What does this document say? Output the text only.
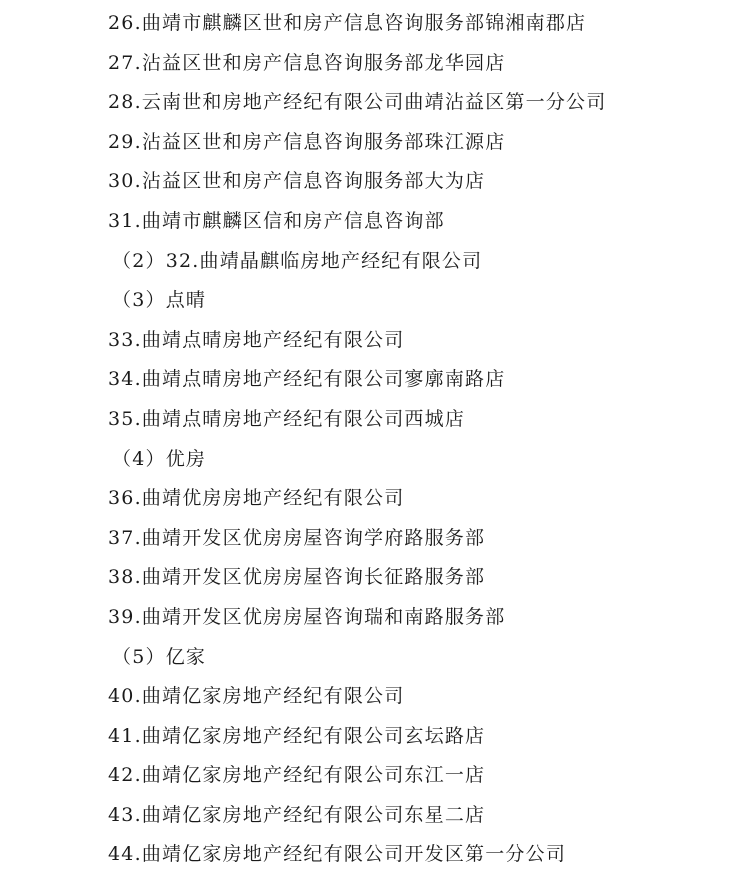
26.曲靖市麒麟区世和房产信息咨询服务部锦湘南郡店
27.沾益区世和房产信息咨询服务部龙华园店
28.云南世和房地产经纪有限公司曲靖沾益区第一分公司
29.沾益区世和房产信息咨询服务部珠江源店
30.沾益区世和房产信息咨询服务部大为店
31.曲靖市麒麟区信和房产信息咨询部
（2）32.曲靖晶麒临房地产经纪有限公司
（3）点晴
33.曲靖点晴房地产经纪有限公司
34.曲靖点晴房地产经纪有限公司寥廓南路店
35.曲靖点晴房地产经纪有限公司西城店
（4）优房
36.曲靖优房房地产经纪有限公司
37.曲靖开发区优房房屋咨询学府路服务部
38.曲靖开发区优房房屋咨询长征路服务部
39.曲靖开发区优房房屋咨询瑞和南路服务部
（5）亿家
40.曲靖亿家房地产经纪有限公司
41.曲靖亿家房地产经纪有限公司玄坛路店
42.曲靖亿家房地产经纪有限公司东江一店
43.曲靖亿家房地产经纪有限公司东星二店
44.曲靖亿家房地产经纪有限公司开发区第一分公司
